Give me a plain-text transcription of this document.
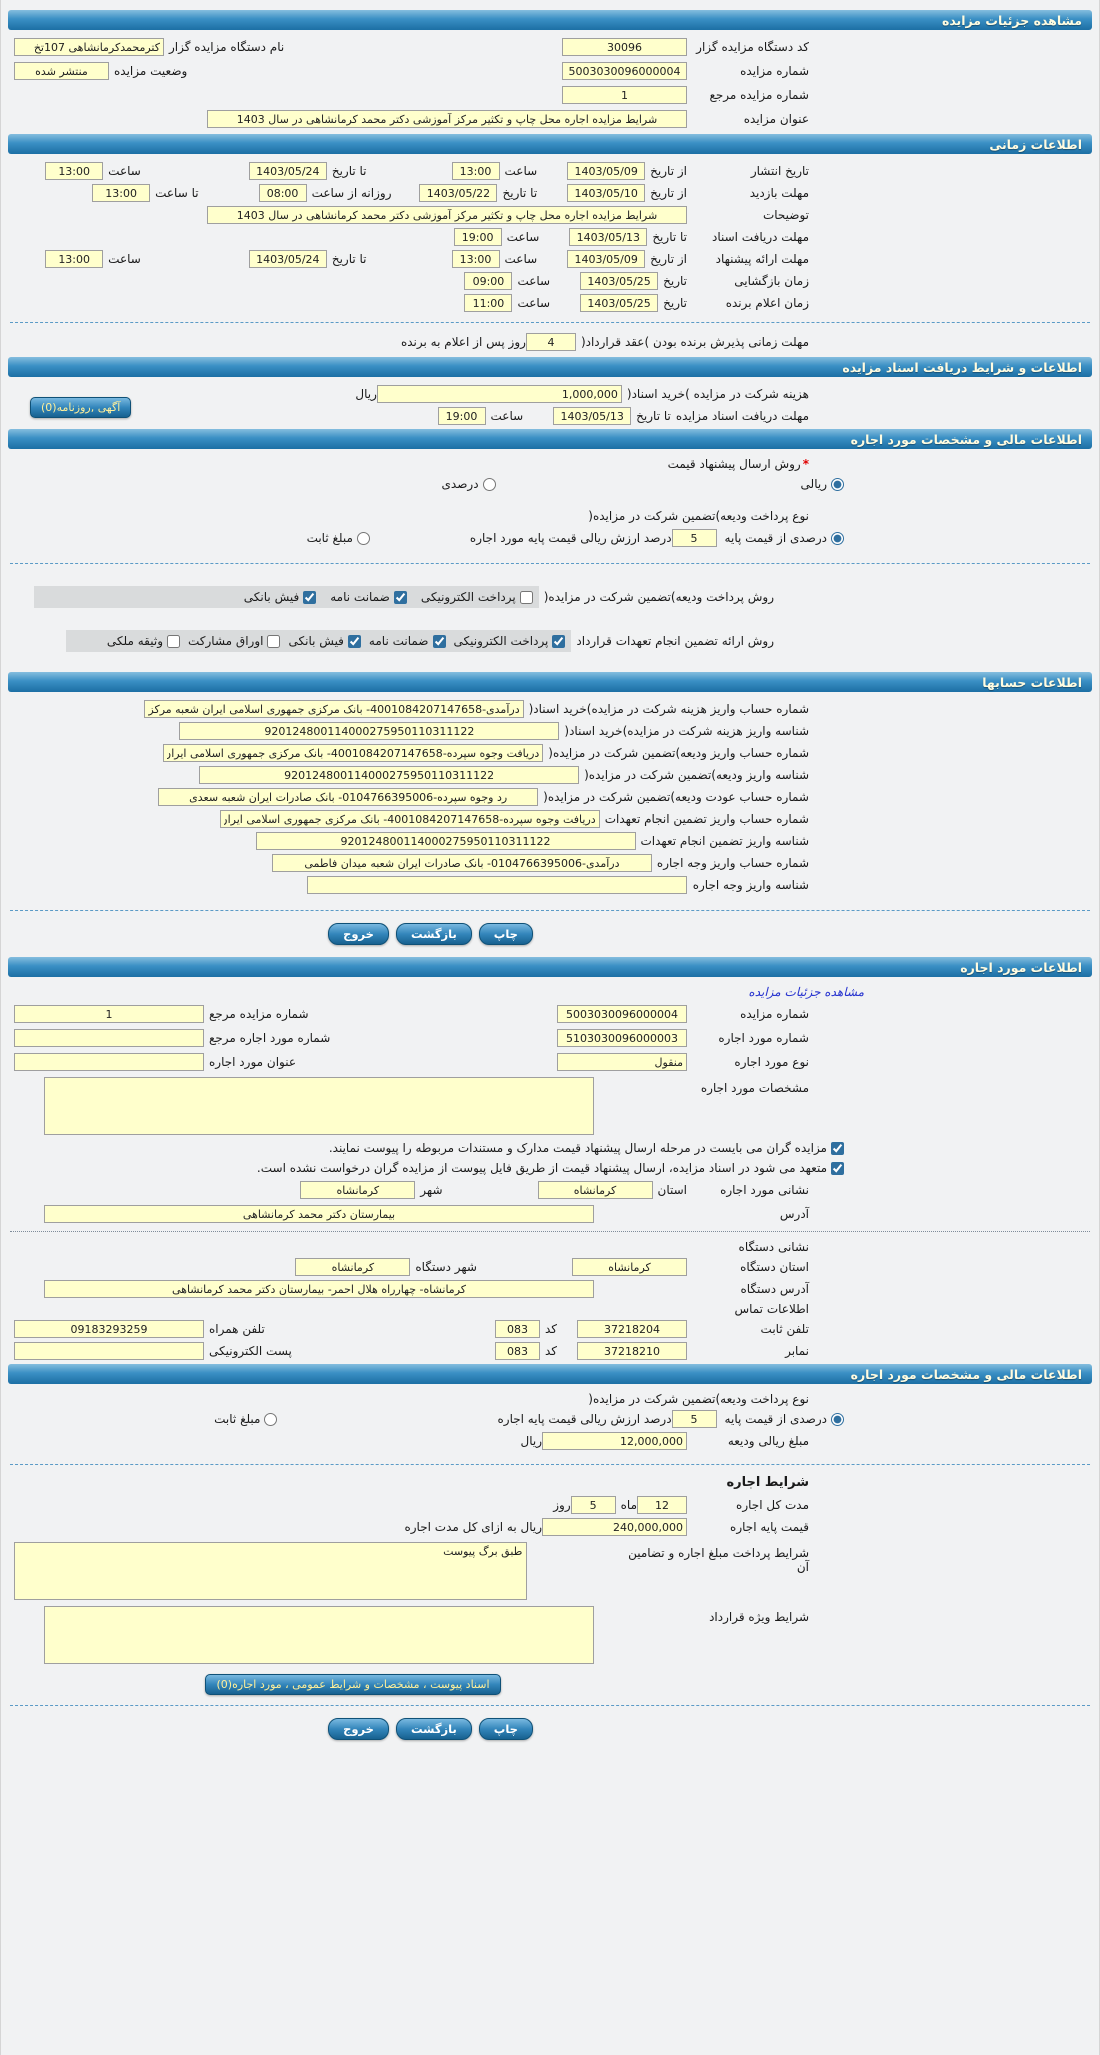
مشاهده جزئیات مزایده
کد دستگاه مزایده گزار
30096
نام دستگاه مزایده گزار
کترمحمدکرمانشاهی 107تخ
شماره مزایده
5003030096000004
وضعیت مزایده
منتشر شده
شماره مزایده مرجع
1
عنوان مزایده
شرایط مزایده اجاره محل چاپ و تکثیر مرکز آموزشی دکتر محمد کرمانشاهی در سال 1403
اطلاعات زمانی
تاریخ انتشار
از تاریخ
1403/05/09
ساعت
13:00
تا تاریخ
1403/05/24
ساعت
13:00
مهلت بازدید
از تاریخ
1403/05/10
تا تاریخ
1403/05/22
روزانه از ساعت
08:00
تا ساعت
13:00
توضیحات
شرایط مزایده اجاره محل چاپ و تکثیر مرکز آموزشی دکتر محمد کرمانشاهی در سال 1403
مهلت دریافت اسناد
تا تاریخ
1403/05/13
ساعت
19:00
مهلت ارائه پیشنهاد
از تاریخ
1403/05/09
ساعت
13:00
تا تاریخ
1403/05/24
ساعت
13:00
زمان بازگشایی
تاریخ
1403/05/25
ساعت
09:00
زمان اعلام برنده
تاریخ
1403/05/25
ساعت
11:00
مهلت زمانی پذیرش برنده بودن )عقد قرارداد(
4
روز پس از اعلام به برنده
اطلاعات و شرایط دریافت اسناد مزایده
هزینه شرکت در مزایده )خرید اسناد(
1,000,000
ریال
مهلت دریافت اسناد مزایده
تا تاریخ
1403/05/13
ساعت
19:00
آگهی ,روزنامه(0)
اطلاعات مالی و مشخصات مورد اجاره
*
روش ارسال پیشنهاد قیمت
ریالی
درصدی
نوع پرداخت ودیعه)تضمین شرکت در مزایده(
درصدی از قیمت پایه
5
درصد ارزش ریالی قیمت پایه مورد اجاره
مبلغ ثابت
روش پرداخت ودیعه)تضمین شرکت در مزایده(
پرداخت الکترونیکی
ضمانت نامه
فیش بانکی
روش ارائه تضمین انجام تعهدات قرارداد
پرداخت الکترونیکی
ضمانت نامه
فیش بانکی
اوراق مشارکت
وثیقه ملکی
اطلاعات حسابها
شماره حساب واریز هزینه شرکت در مزایده)خرید اسناد(
درآمدی-4001084207147658- بانک مرکزی جمهوری اسلامی ایران شعبه مرکزی
شناسه واریز هزینه شرکت در مزایده)خرید اسناد(
920124800114000275950110311122
شماره حساب واریز ودیعه)تضمین شرکت در مزایده(
دریافت وجوه سپرده-4001084207147658- بانک مرکزی جمهوری اسلامی ایران شعبه مرکزی
شناسه واریز ودیعه)تضمین شرکت در مزایده(
920124800114000275950110311122
شماره حساب عودت ودیعه)تضمین شرکت در مزایده(
رد وجوه سپرده-0104766395006- بانک صادرات ایران شعبه سعدی
شماره حساب واریز تضمین انجام تعهدات
دریافت وجوه سپرده-4001084207147658- بانک مرکزی جمهوری اسلامی ایران شعبه مرکزی
شناسه واریز تضمین انجام تعهدات
920124800114000275950110311122
شماره حساب واریز وجه اجاره
درآمدی-0104766395006- بانک صادرات ایران شعبه میدان فاطمی
شناسه واریز وجه اجاره
چاپ
بازگشت
خروج
اطلاعات مورد اجاره
مشاهده جزئیات مزایده
شماره مزایده
5003030096000004
شماره مزایده مرجع
1
شماره مورد اجاره
5103030096000003
شماره مورد اجاره مرجع
نوع مورد اجاره
منقول
عنوان مورد اجاره
مشخصات مورد اجاره
مزایده گران می بایست در مرحله ارسال پیشنهاد قیمت مدارک و مستندات مربوطه را پیوست نمایند.
متعهد می شود در اسناد مزایده، ارسال پیشنهاد قیمت از طریق فایل پیوست از مزایده گران درخواست نشده است.
نشانی مورد اجاره
استان
کرمانشاه
شهر
کرمانشاه
آدرس
بیمارستان دکتر محمد کرمانشاهی
نشانی دستگاه
استان دستگاه
کرمانشاه
شهر دستگاه
کرمانشاه
آدرس دستگاه
کرمانشاه- چهارراه هلال احمر- بیمارستان دکتر محمد کرمانشاهی
اطلاعات تماس
تلفن ثابت
37218204
کد
083
تلفن همراه
09183293259
نمابر
37218210
کد
083
پست الکترونیکی
اطلاعات مالی و مشخصات مورد اجاره
نوع پرداخت ودیعه)تضمین شرکت در مزایده(
درصدی از قیمت پایه
5
درصد ارزش ریالی قیمت پایه اجاره
مبلغ ثابت
مبلغ ریالی ودیعه
12,000,000
ریال
شرایط اجاره
مدت کل اجاره
12
ماه
5
روز
قیمت پایه اجاره
240,000,000
ریال به ازای کل مدت اجاره
شرایط پرداخت مبلغ اجاره و تضامین آن
طبق برگ پیوست
شرایط ویژه قرارداد
اسناد پیوست ، مشخصات و شرایط عمومی ، مورد اجاره(0)
چاپ
بازگشت
خروج
